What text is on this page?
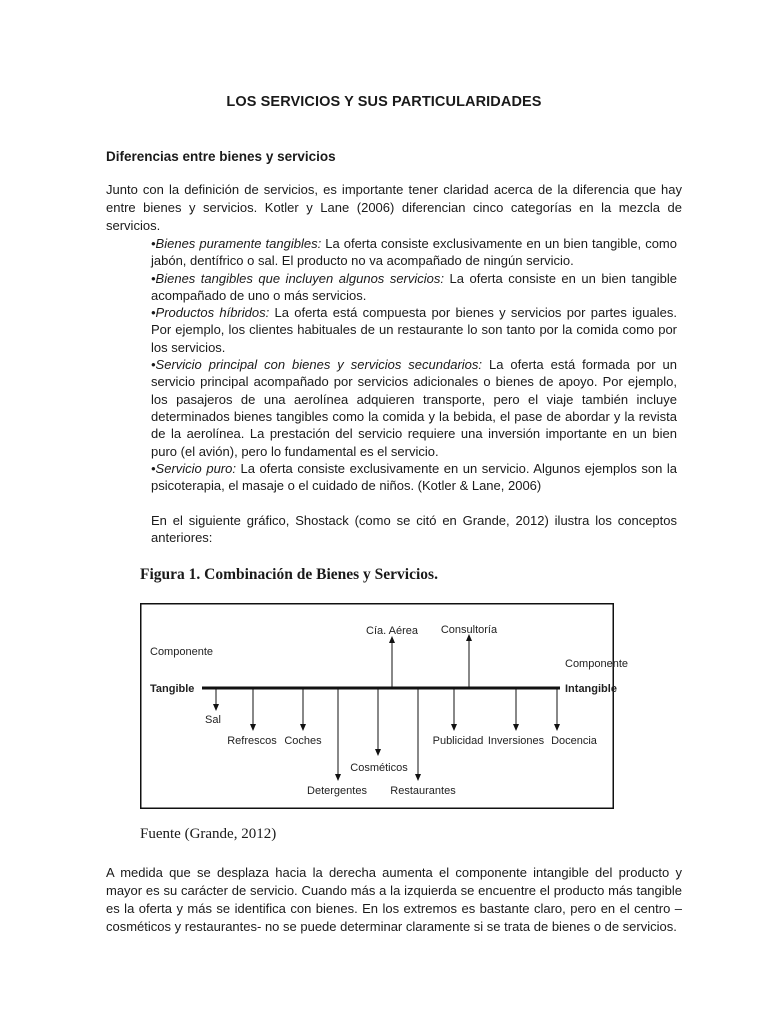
LOS SERVICIOS Y SUS PARTICULARIDADES
Diferencias entre bienes y servicios

Junto con la definición de servicios, es importante tener claridad acerca de la diferencia que hay entre bienes y servicios. Kotler y Lane (2006) diferencian cinco categorías en la mezcla de servicios.

•Bienes puramente tangibles: La oferta consiste exclusivamente en un bien tangible, como jabón, dentífrico o sal. El producto no va acompañado de ningún servicio.
•Bienes tangibles que incluyen algunos servicios: La oferta consiste en un bien tangible acompañado de uno o más servicios.
•Productos híbridos: La oferta está compuesta por bienes y servicios por partes iguales. Por ejemplo, los clientes habituales de un restaurante lo son tanto por la comida como por los servicios.
•Servicio principal con bienes y servicios secundarios: La oferta está formada por un servicio principal acompañado por servicios adicionales o bienes de apoyo. Por ejemplo, los pasajeros de una aerolínea adquieren transporte, pero el viaje también incluye determinados bienes tangibles como la comida y la bebida, el pase de abordar y la revista de la aerolínea. La prestación del servicio requiere una inversión importante en un bien puro (el avión), pero lo fundamental es el servicio.
•Servicio puro: La oferta consiste exclusivamente en un servicio. Algunos ejemplos son la psicoterapia, el masaje o el cuidado de niños. (Kotler & Lane, 2006)

En el siguiente gráfico, Shostack (como se citó en Grande, 2012) ilustra los conceptos anteriores:

Figura 1. Combinación de Bienes y Servicios.
Componente
Tangible
Componente
Intangible
Cía. Aérea Consultoría
Sal
Refrescos Coches
Detergentes
Cosméticos
Restaurantes
Publicidad Inversiones Docencia
Fuente (Grande, 2012)

A medida que se desplaza hacia la derecha aumenta el componente intangible del producto y mayor es su carácter de servicio. Cuando más a la izquierda se encuentre el producto más tangible es la oferta y más se identifica con bienes. En los extremos es bastante claro, pero en el centro –cosméticos y restaurantes- no se puede determinar claramente si se trata de bienes o de servicios.
